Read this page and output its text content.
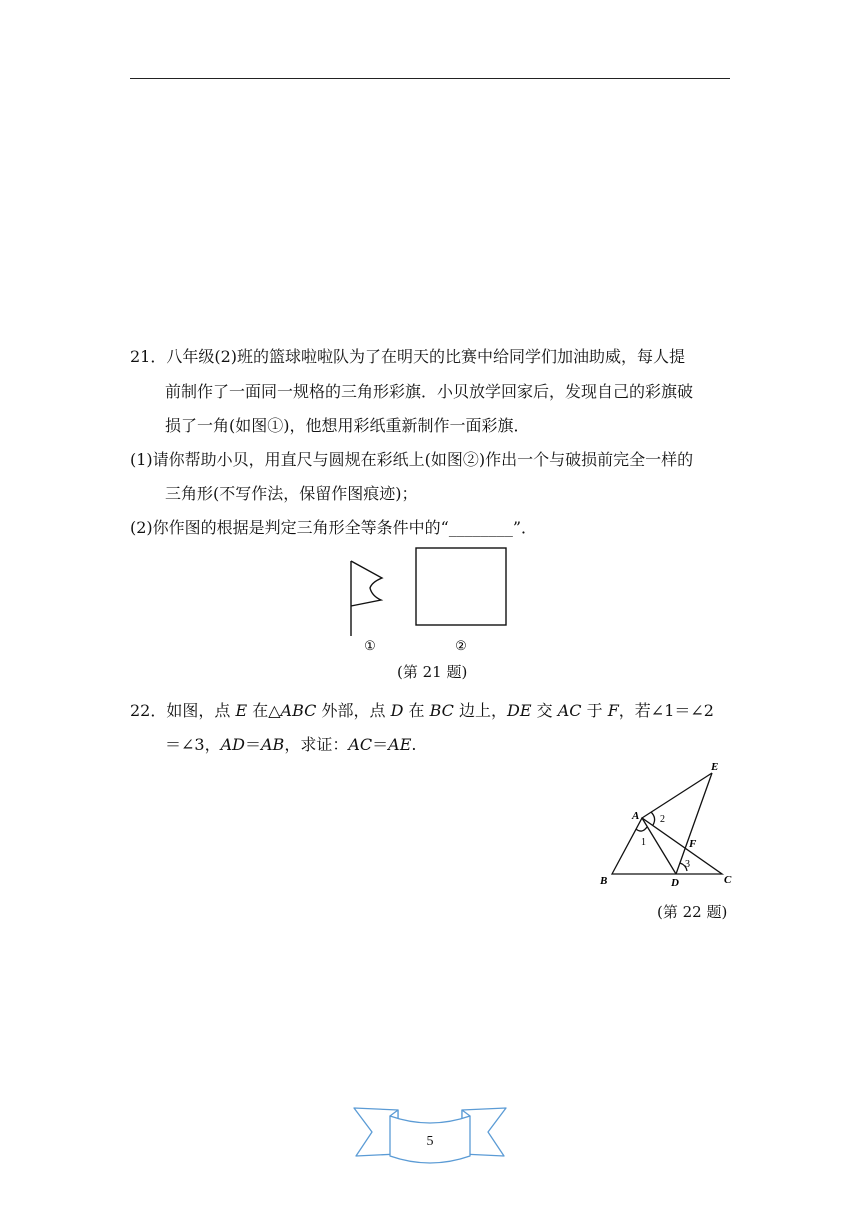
21．八年级(2)班的篮球啦啦队为了在明天的比赛中给同学们加油助威，每人提
前制作了一面同一规格的三角形彩旗．小贝放学回家后，发现自己的彩旗破
损了一角(如图①)，他想用彩纸重新制作一面彩旗．
(1)请你帮助小贝，用直尺与圆规在彩纸上(如图②)作出一个与破损前完全一样的
三角形(不写作法，保留作图痕迹)；
(2)你作图的根据是判定三角形全等条件中的“________”．
①	②
(第 21 题)
22．如图，点 E 在△ABC 外部，点 D 在 BC 边上，DE 交 AC 于 F，若∠1＝∠2
＝∠3，AD＝AB，求证：AC＝AE.
A
B	C
D
E
F
1
2
3
(第 22 题)
5
